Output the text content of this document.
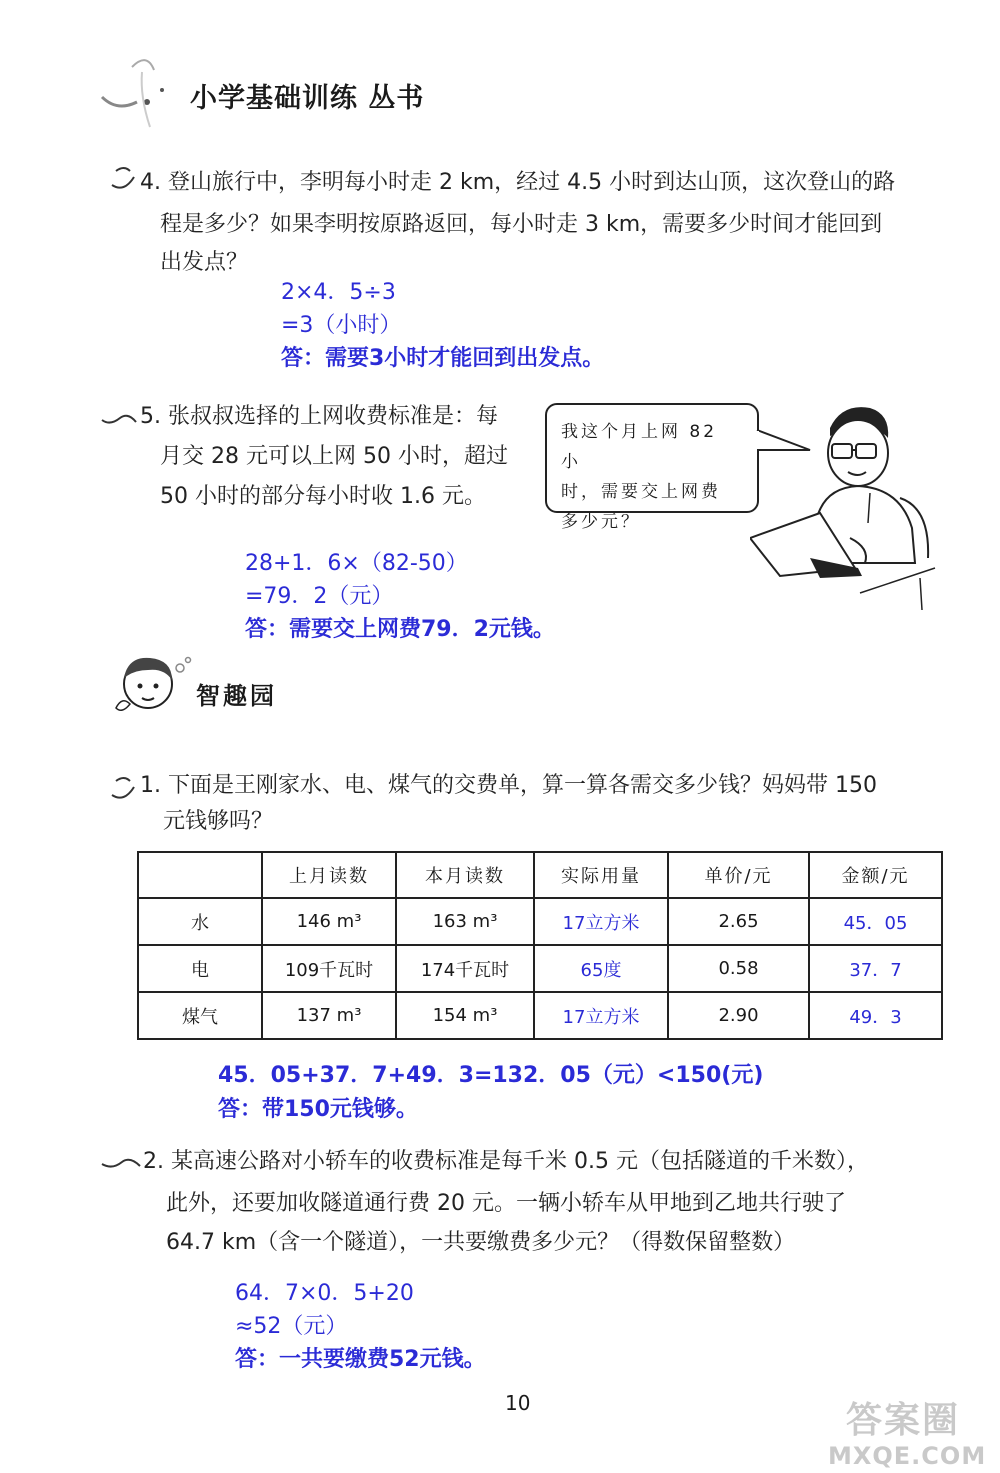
小学基础训练 丛书
4. 登山旅行中，李明每小时走 2 km，经过 4.5 小时到达山顶，这次登山的路
程是多少？如果李明按原路返回，每小时走 3 km，需要多少时间才能回到
出发点？
2×4．5÷3
=3（小时）
答：需要3小时才能回到出发点。
5. 张叔叔选择的上网收费标准是：每
月交 28 元可以上网 50 小时，超过
50 小时的部分每小时收 1.6 元。
我这个月上网 82 小
时，需要交上网费
多少元？
28+1．6×（82-50）
=79．2（元）
答：需要交上网费79．2元钱。
智趣园
1. 下面是王刚家水、电、煤气的交费单，算一算各需交多少钱？妈妈带 150
元钱够吗？
	上月读数	本月读数	实际用量	单价/元	金额/元
水	146 m³	163 m³	17立方米	2.65	45．05
电	109千瓦时	174千瓦时	65度	0.58	37．7
煤气	137 m³	154 m³	17立方米	2.90	49．3
45．05+37．7+49．3=132．05（元）<150(元)
答：带150元钱够。
2. 某高速公路对小轿车的收费标准是每千米 0.5 元（包括隧道的千米数），
此外，还要加收隧道通行费 20 元。一辆小轿车从甲地到乙地共行驶了
64.7 km（含一个隧道），一共要缴费多少元？（得数保留整数）
64．7×0．5+20
≈52（元）
答：一共要缴费52元钱。
10	答案圈
MXQE.COM
